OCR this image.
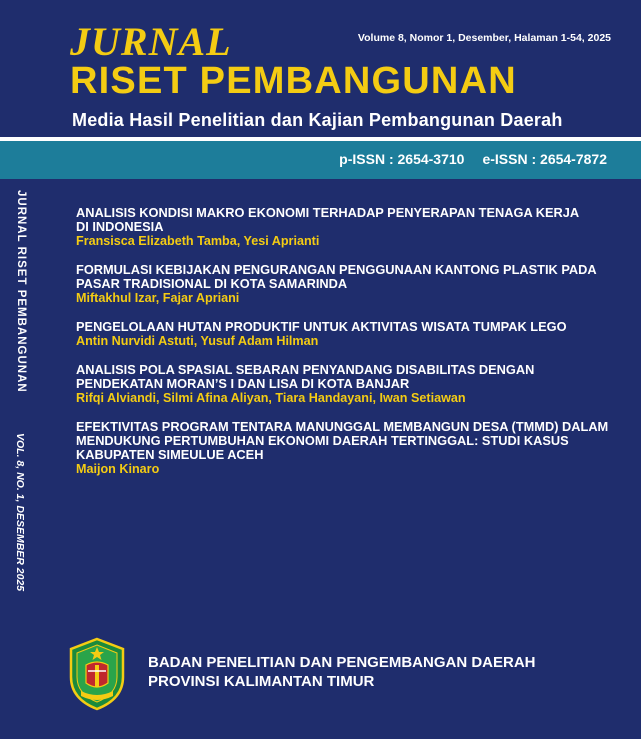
JURNAL	Volume 8, Nomor 1, Desember, Halaman 1-54, 2025
RISET PEMBANGUNAN
Media Hasil Penelitian dan Kajian Pembangunan Daerah
p-ISSN : 2654-3710 e-ISSN : 2654-7872
JURNAL RISET PEMBANGUNAN
VOL. 8, NO. 1, DESEMBER 2025
ANALISIS KONDISI MAKRO EKONOMI TERHADAP PENYERAPAN TENAGA KERJA
DI INDONESIA
Fransisca Elizabeth Tamba, Yesi Aprianti
FORMULASI KEBIJAKAN PENGURANGAN PENGGUNAAN KANTONG PLASTIK PADA
PASAR TRADISIONAL DI KOTA SAMARINDA
Miftakhul Izar, Fajar Apriani
PENGELOLAAN HUTAN PRODUKTIF UNTUK AKTIVITAS WISATA TUMPAK LEGO
Antin Nurvidi Astuti, Yusuf Adam Hilman
ANALISIS POLA SPASIAL SEBARAN PENYANDANG DISABILITAS DENGAN
PENDEKATAN MORAN’S I DAN LISA DI KOTA BANJAR
Rifqi Alviandi, Silmi Afina Aliyan, Tiara Handayani, Iwan Setiawan
EFEKTIVITAS PROGRAM TENTARA MANUNGGAL MEMBANGUN DESA (TMMD) DALAM
MENDUKUNG PERTUMBUHAN EKONOMI DAERAH TERTINGGAL: STUDI KASUS
KABUPATEN SIMEULUE ACEH
Maijon Kinaro
BADAN PENELITIAN DAN PENGEMBANGAN DAERAH
PROVINSI KALIMANTAN TIMUR
